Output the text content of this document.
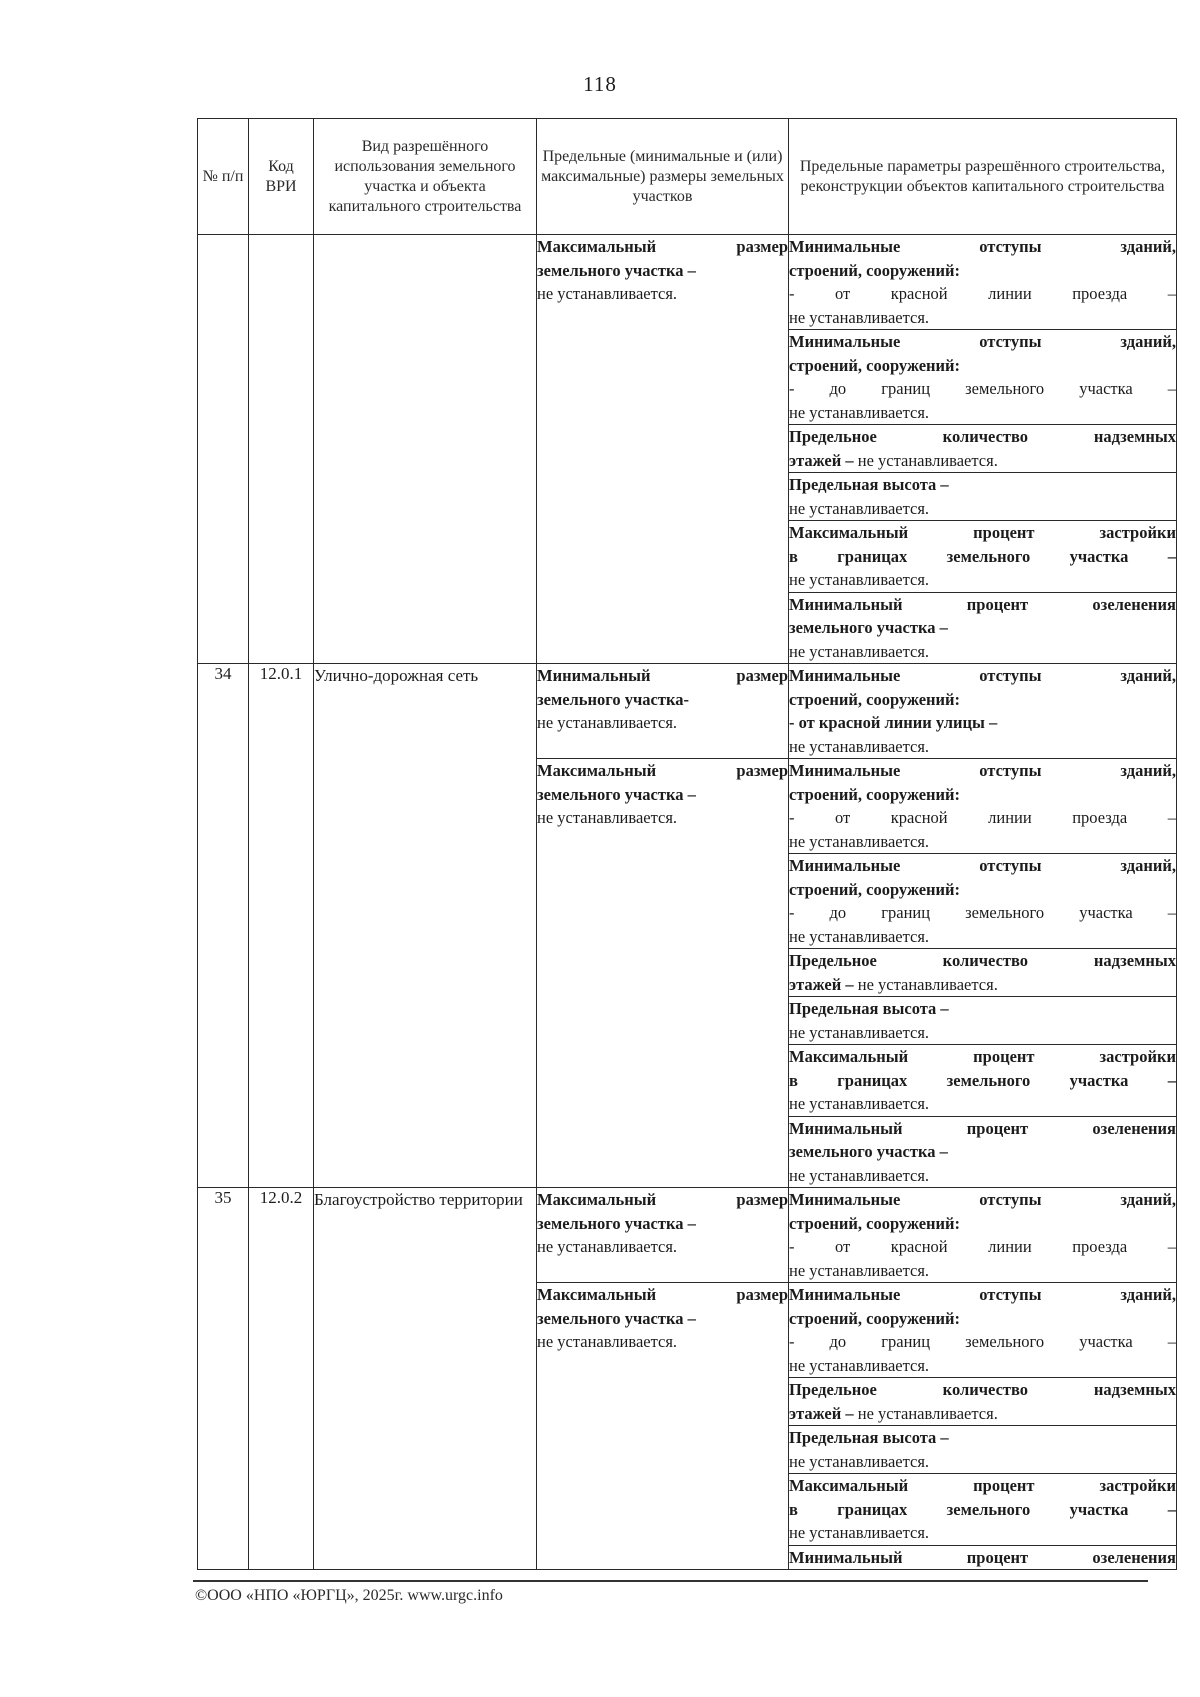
118
№ п/п	Код ВРИ	Вид разрешённого использования земельного участка и объекта капитального строительства	Предельные (минимальные и (или) максимальные) размеры земельных участков	Предельные параметры разрешённого строительства, реконструкции объектов капитального строительства

			Максимальный размер
земельного участка –
не устанавливается.	Минимальные отступы зданий,
строений, сооружений:
- от красной линии проезда –
не устанавливается.

				Минимальные отступы зданий,
строений, сооружений:
- до границ земельного участка –
не устанавливается.

				Предельное количество надземных
этажей – не устанавливается.

				Предельная высота –
не устанавливается.

				Максимальный процент застройки
в границах земельного участка –
не устанавливается.

				Минимальный процент озеленения
земельного участка –
не устанавливается.

34	12.0.1	Улично-дорожная сеть	Минимальный размер
земельного участка-
не устанавливается.	Минимальные отступы зданий,
строений, сооружений:
- от красной линии улицы –
не устанавливается.

			Максимальный размер
земельного участка –
не устанавливается.	Минимальные отступы зданий,
строений, сооружений:
- от красной линии проезда –
не устанавливается.

				Минимальные отступы зданий,
строений, сооружений:
- до границ земельного участка –
не устанавливается.

				Предельное количество надземных
этажей – не устанавливается.

				Предельная высота –
не устанавливается.

				Максимальный процент застройки
в границах земельного участка –
не устанавливается.

				Минимальный процент озеленения
земельного участка –
не устанавливается.

35	12.0.2	Благоустройство территории	Максимальный размер
земельного участка –
не устанавливается.	Минимальные отступы зданий,
строений, сооружений:
- от красной линии проезда –
не устанавливается.

			Максимальный размер
земельного участка –
не устанавливается.	Минимальные отступы зданий,
строений, сооружений:
- до границ земельного участка –
не устанавливается.

				Предельное количество надземных
этажей – не устанавливается.

				Предельная высота –
не устанавливается.

				Максимальный процент застройки
в границах земельного участка –
не устанавливается.

				Минимальный процент озеленения
©ООО «НПО «ЮРГЦ», 2025г. www.urgc.info
